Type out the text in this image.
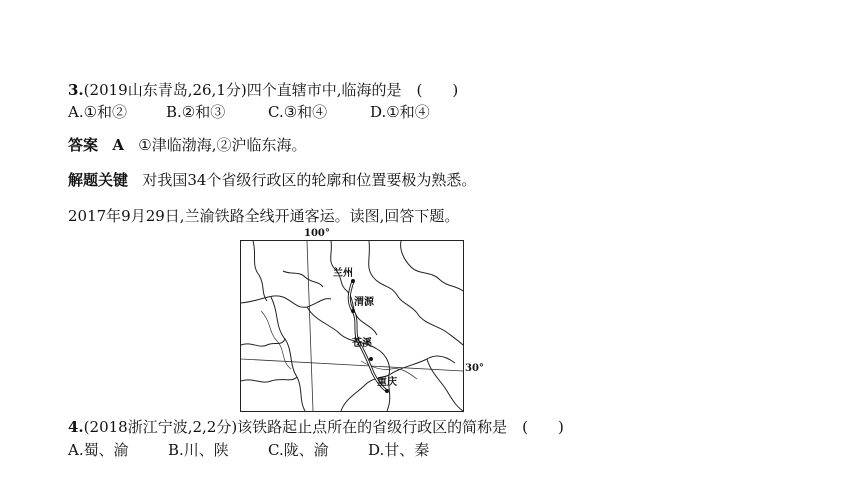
3.(2019山东青岛,26,1分)四个直辖市中,临海的是　(　　)
A.①和②	B.②和③	C.③和④	D.①和④
答案 A ①津临渤海,②沪临东海。
解题关键 对我国34个省级行政区的轮廓和位置要极为熟悉。
2017年9月29日,兰渝铁路全线开通客运。读图,回答下题。
100°
兰州
渭源
苍溪
重庆
30°
4.(2018浙江宁波,2,2分)该铁路起止点所在的省级行政区的简称是　(　　)
A.蜀、渝	B.川、陕	C.陇、渝	D.甘、秦
